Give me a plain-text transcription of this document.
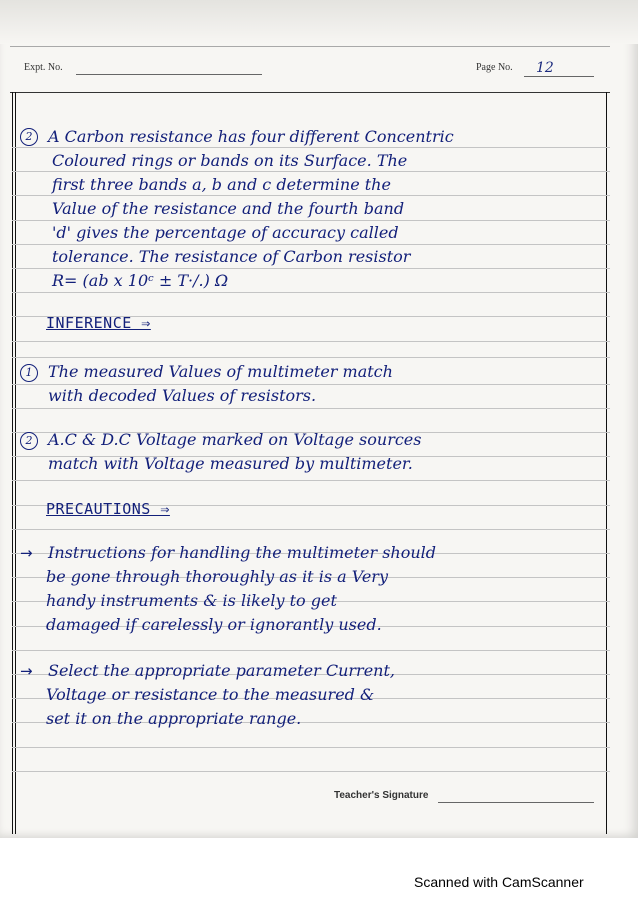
Expt. No.	Page No. 12
2 A Carbon resistance has four different Concentric
Coloured rings or bands on its Surface. The
first three bands a, b and c determine the
Value of the resistance and the fourth band
'd' gives the percentage of accuracy called
tolerance. The resistance of Carbon resistor
R= (ab x 10ᶜ ± T·/.) Ω
INFERENCE ⇒
1 The measured Values of multimeter match
with decoded Values of resistors.
2 A.C & D.C Voltage marked on Voltage sources
match with Voltage measured by multimeter.
PRECAUTIONS ⇒
→ Instructions for handling the multimeter should
be gone through thoroughly as it is a Very
handy instruments & is likely to get
damaged if carelessly or ignorantly used.
→ Select the appropriate parameter Current,
Voltage or resistance to the measured &
set it on the appropriate range.
Teacher's Signature
Scanned with CamScanner
